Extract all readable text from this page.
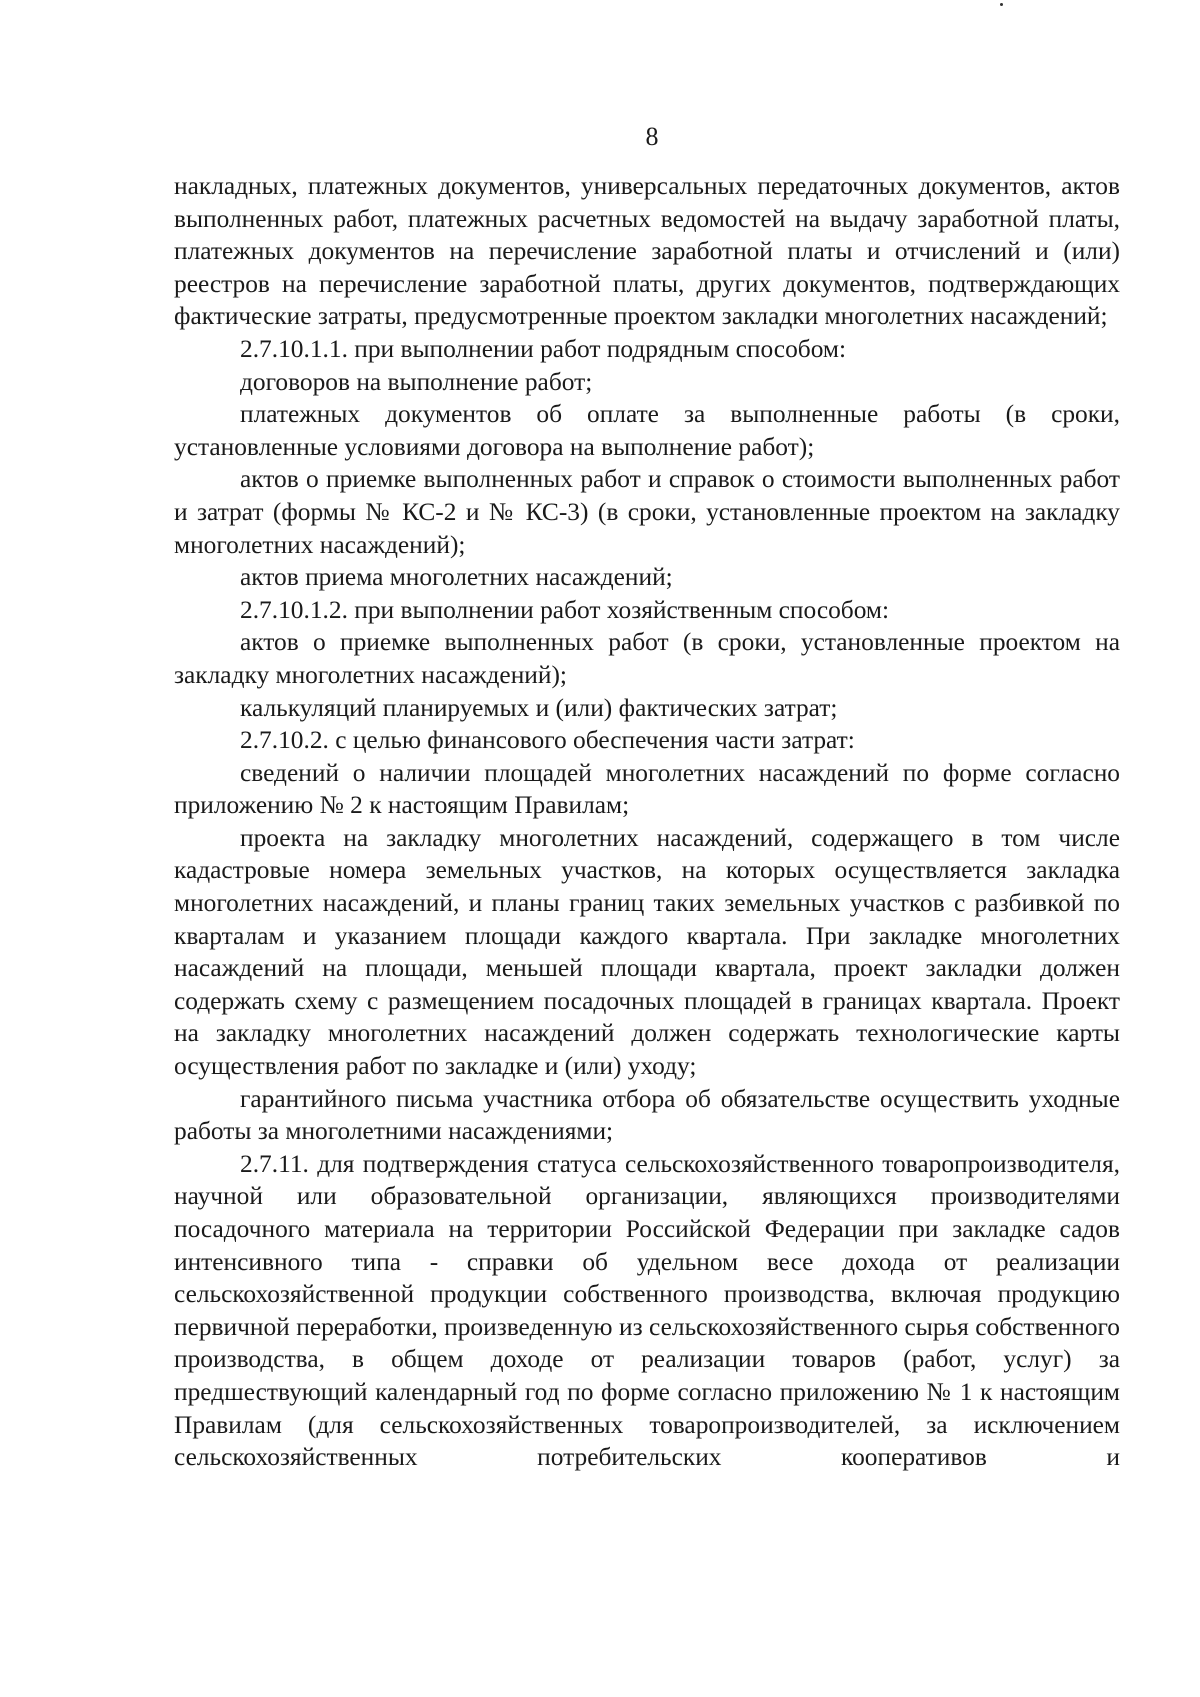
8

накладных, платежных документов, универсальных передаточных документов, актов выполненных работ, платежных расчетных ведомостей на выдачу заработной платы, платежных документов на перечисление заработной платы и отчислений и (или) реестров на перечисление заработной платы, других документов, подтверждающих фактические затраты, предусмотренные проектом закладки многолетних насаждений;

2.7.10.1.1. при выполнении работ подрядным способом:

договоров на выполнение работ;

платежных документов об оплате за выполненные работы (в сроки, установленные условиями договора на выполнение работ);

актов о приемке выполненных работ и справок о стоимости выполненных работ и затрат (формы № КС-2 и № КС-3) (в сроки, установленные проектом на закладку многолетних насаждений);

актов приема многолетних насаждений;

2.7.10.1.2. при выполнении работ хозяйственным способом:

актов о приемке выполненных работ (в сроки, установленные проектом на закладку многолетних насаждений);

калькуляций планируемых и (или) фактических затрат;

2.7.10.2. с целью финансового обеспечения части затрат:

сведений о наличии площадей многолетних насаждений по форме согласно приложению № 2 к настоящим Правилам;

проекта на закладку многолетних насаждений, содержащего в том числе кадастровые номера земельных участков, на которых осуществляется закладка многолетних насаждений, и планы границ таких земельных участков с разбивкой по кварталам и указанием площади каждого квартала. При закладке многолетних насаждений на площади, меньшей площади квартала, проект закладки должен содержать схему с размещением посадочных площадей в границах квартала. Проект на закладку многолетних насаждений должен содержать технологические карты осуществления работ по закладке и (или) уходу;

гарантийного письма участника отбора об обязательстве осуществить уходные работы за многолетними насаждениями;

2.7.11. для подтверждения статуса сельскохозяйственного товаропроизводителя, научной или образовательной организации, являющихся производителями посадочного материала на территории Российской Федерации при закладке садов интенсивного типа - справки об удельном весе дохода от реализации сельскохозяйственной продукции собственного производства, включая продукцию первичной переработки, произведенную из сельскохозяйственного сырья собственного производства, в общем доходе от реализации товаров (работ, услуг) за предшествующий календарный год по форме согласно приложению № 1 к настоящим Правилам (для сельскохозяйственных товаропроизводителей, за исключением сельскохозяйственных потребительских кооперативов и
